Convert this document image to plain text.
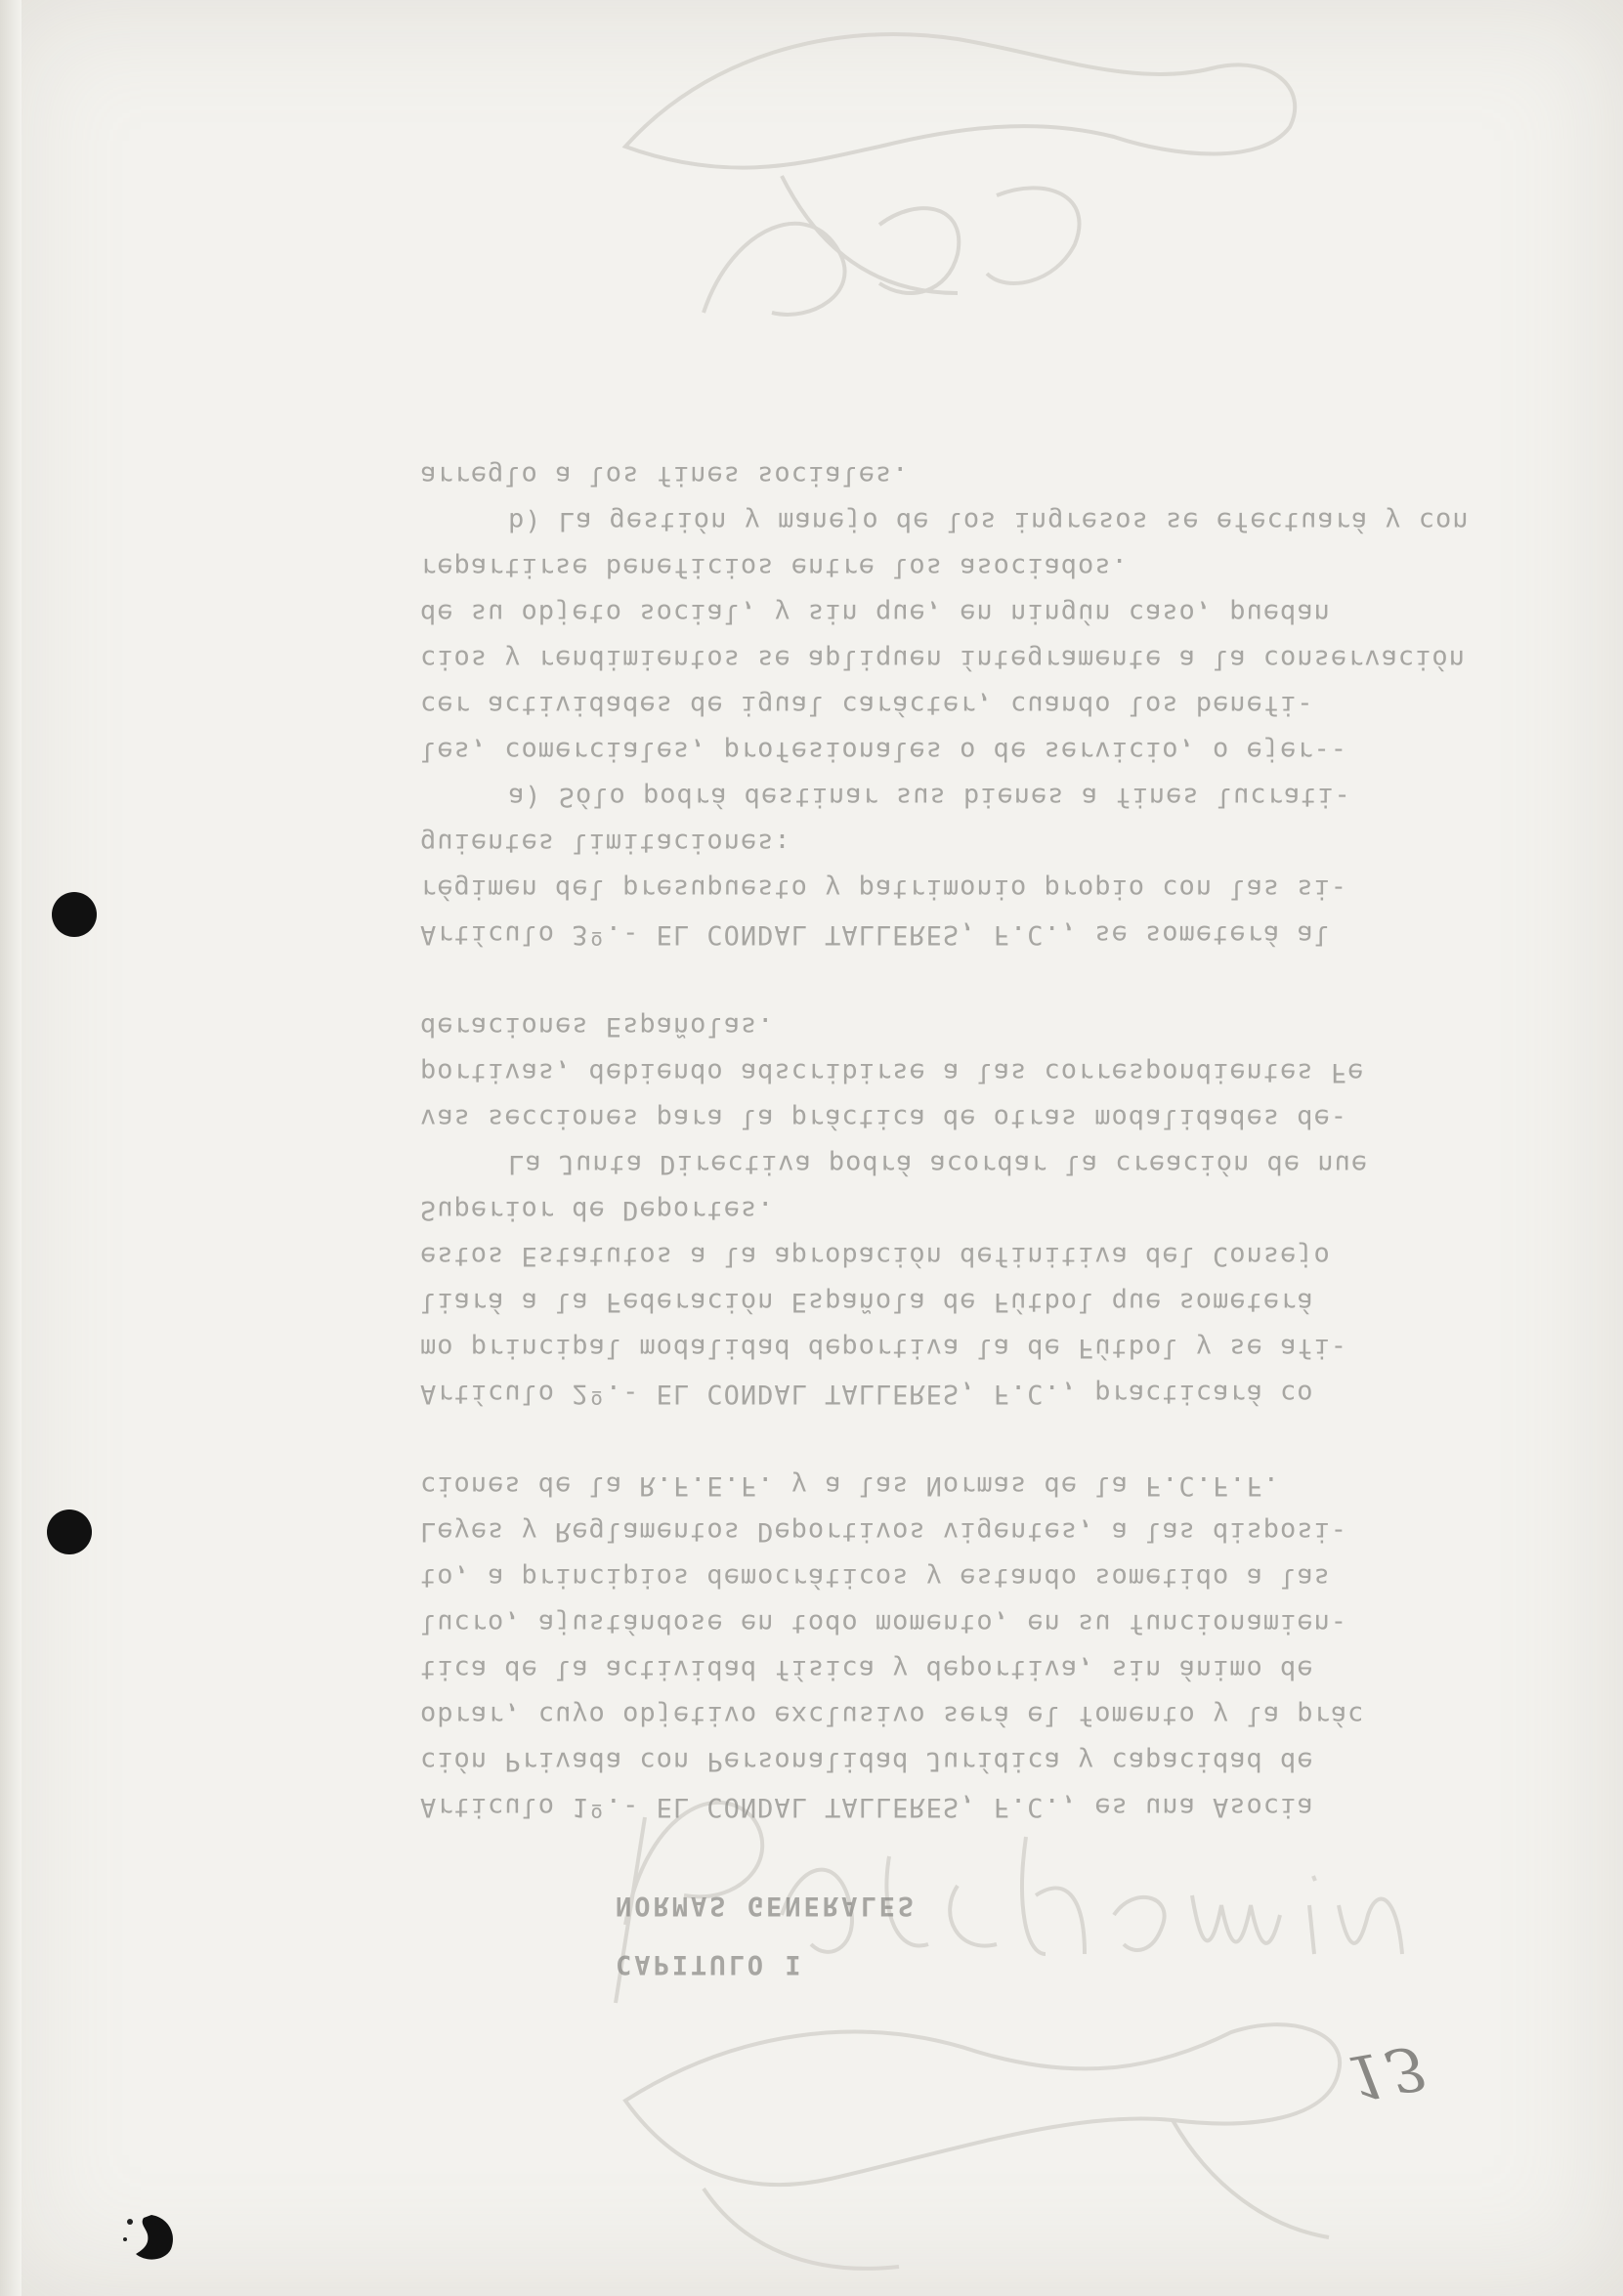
CAPITULO I
NORMAS GENERALES
Articulo 1º.- EL CONDAL TALLERES, F.C., es una Asocia
ción Privada con Personalidad Jurídica y capacidad de
obrar, cuyo objetivo exclusivo será el fomento y la prác
tica de la actividad física y deportiva, sin ánimo de
lucro, ajustándose en todo momento, en su funcionamien-
to, a principios democráticos y estando sometido a las
Leyes y Reglamentos Deportivos vigentes, a las disposi-
ciones de la R.F.E.F. y a las Normas de la F.C.F.F.
Artículo 2º.- EL CONDAL TALLERES, F.C., practicará co
mo principal modalidad deportiva la de Fútbol y se afi-
liará a la Federación Española de Fútbol que someterá
estos Estatutos a la aprobación definitiva del Consejo
Superior de Deportes.
La Junta Directiva podrá acordar la creación de nue
vas secciones para la práctica de otras modalidades de-
portivas, debiendo adscribirse a las correspondientes Fe
deraciones Españolas.
Artículo 3º.- EL CONDAL TALLERES, F.C., se someterá al
régimen del presupuesto y patrimonio propio con las si-
guientes limitaciones:
a) Sólo podrá destinar sus bienes a fines lucrati-
les, comerciales, profesionales o de servicio, o ejer--
cer actividades de igual carácter, cuando los benefi-
cios y rendimientos se apliquen íntegramente a la conservación
de su objeto social, y sin que, en ningún caso, puedan
repartirse beneficios entre los asociados.
b) La gestión y manejo de los ingresos se efectuará y con
arreglo a los fines sociales.
13
